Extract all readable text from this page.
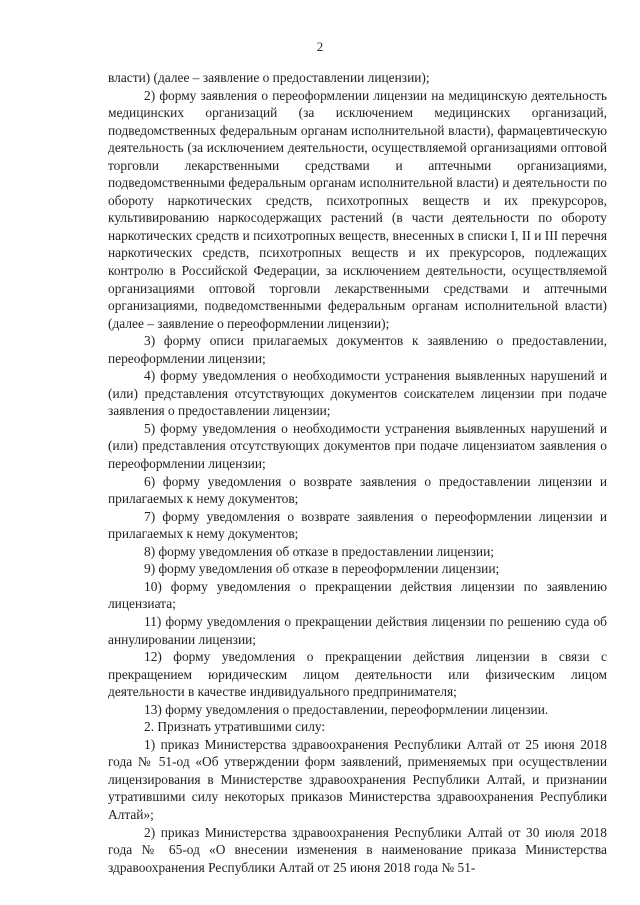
2

власти) (далее – заявление о предоставлении лицензии);

2) форму заявления о переоформлении лицензии на медицинскую деятельность медицинских организаций (за исключением медицинских организаций, подведомственных федеральным органам исполнительной власти), фармацевтическую деятельность (за исключением деятельности, осуществляемой организациями оптовой торговли лекарственными средствами и аптечными организациями, подведомственными федеральным органам исполнительной власти) и деятельности по обороту наркотических средств, психотропных веществ и их прекурсоров, культивированию наркосодержащих растений (в части деятельности по обороту наркотических средств и психотропных веществ, внесенных в списки I, II и III перечня наркотических средств, психотропных веществ и их прекурсоров, подлежащих контролю в Российской Федерации, за исключением деятельности, осуществляемой организациями оптовой торговли лекарственными средствами и аптечными организациями, подведомственными федеральным органам исполнительной власти) (далее – заявление о переоформлении лицензии);

3) форму описи прилагаемых документов к заявлению о предоставлении, переоформлении лицензии;

4) форму уведомления о необходимости устранения выявленных нарушений и (или) представления отсутствующих документов соискателем лицензии при подаче заявления о предоставлении лицензии;

5) форму уведомления о необходимости устранения выявленных нарушений и (или) представления отсутствующих документов при подаче лицензиатом заявления о переоформлении лицензии;

6) форму уведомления о возврате заявления о предоставлении лицензии и прилагаемых к нему документов;

7) форму уведомления о возврате заявления о переоформлении лицензии и прилагаемых к нему документов;

8) форму уведомления об отказе в предоставлении лицензии;

9) форму уведомления об отказе в переоформлении лицензии;

10) форму уведомления о прекращении действия лицензии по заявлению лицензиата;

11) форму уведомления о прекращении действия лицензии по решению суда об аннулировании лицензии;

12) форму уведомления о прекращении действия лицензии в связи с прекращением юридическим лицом деятельности или физическим лицом деятельности в качестве индивидуального предпринимателя;

13) форму уведомления о предоставлении, переоформлении лицензии.

2. Признать утратившими силу:

1) приказ Министерства здравоохранения Республики Алтай от 25 июня 2018 года № 51-од «Об утверждении форм заявлений, применяемых при осуществлении лицензирования в Министерстве здравоохранения Республики Алтай, и признании утратившими силу некоторых приказов Министерства здравоохранения Республики Алтай»;

2) приказ Министерства здравоохранения Республики Алтай от 30 июля 2018 года № 65-од «О внесении изменения в наименование приказа Министерства здравоохранения Республики Алтай от 25 июня 2018 года № 51-
